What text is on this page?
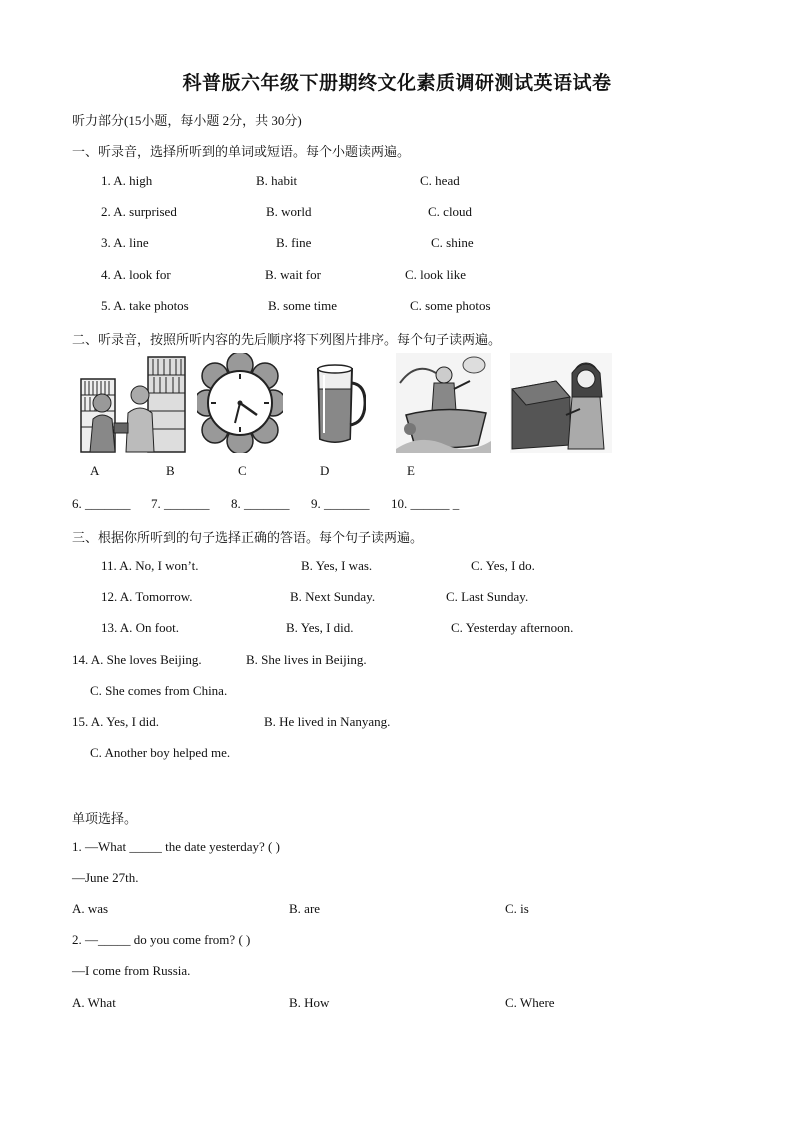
科普版六年级下册期终文化素质调研测试英语试卷
听力部分(15小题，每小题 2分，共 30分)
一、听录音，选择所听到的单词或短语。每个小题读两遍。
1. A. high	B. habit	C. head
2. A. surprised	B. world	C. cloud
3. A. line	B. fine	C. shine
4. A. look for	B. wait for	C. look like
5. A. take photos	B. some time	C. some photos
二、听录音，按照所听内容的先后顺序将下列图片排序。每个句子读两遍。
A	B	C	D	E
6. _______ 7. _______ 8. _______ 9. _______ 10. ______ _
三、根据你所听到的句子选择正确的答语。每个句子读两遍。
11. A. No, I won’t.	B. Yes, I was.	C. Yes, I do.
12. A. Tomorrow.	B. Next Sunday.	C. Last Sunday.
13. A. On foot.	B. Yes, I did.	C. Yesterday afternoon.
14. A. She loves Beijing.	B. She lives in Beijing.
C. She comes from China.
15. A. Yes, I did.	B. He lived in Nanyang.
C. Another boy helped me.
单项选择。
1. —What _____ the date yesterday? ( )
—June 27th.
A. was	B. are	C. is
2. —_____ do you come from? ( )
—I come from Russia.
A. What	B. How	C. Where
